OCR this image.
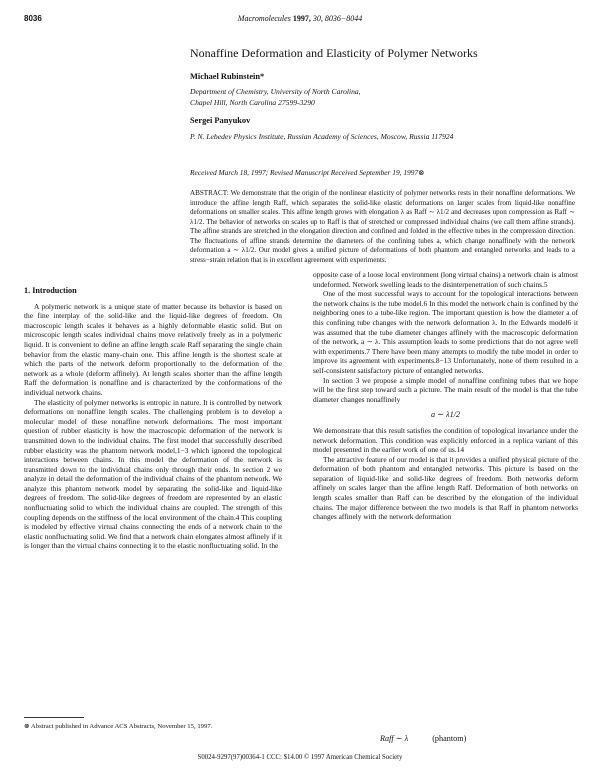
8036	Macromolecules 1997, 30, 8036−8044
Nonaffine Deformation and Elasticity of Polymer Networks
Michael Rubinstein*
Department of Chemistry, University of North Carolina,
Chapel Hill, North Carolina 27599-3290
Sergei Panyukov
P. N. Lebedev Physics Institute, Russian Academy of Sciences, Moscow, Russia 117924
Received March 18, 1997; Revised Manuscript Received September 19, 1997⊗
ABSTRACT: We demonstrate that the origin of the nonlinear elasticity of polymer networks rests in their nonaffine deformations. We introduce the affine length Raff, which separates the solid-like elastic deformations on larger scales from liquid-like nonaffine deformations on smaller scales. This affine length grows with elongation λ as Raff ∼ λ1/2 and decreases upon compression as Raff ∼ λ1/2. The behavior of networks on scales up to Raff is that of stretched or compressed individual chains (we call them affine strands). The affine strands are stretched in the elongation direction and confined and folded in the effective tubes in the compression direction. The fluctuations of affine strands determine the diameters of the confining tubes a, which change nonaffinely with the network deformation a ∼ λ1/2. Our model gives a unified picture of deformations of both phantom and entangled networks and leads to a stress−strain relation that is in excellent agreement with experiments.
1. Introduction

A polymeric network is a unique state of matter because its behavior is based on the fine interplay of the solid-like and the liquid-like degrees of freedom. On macroscopic length scales it behaves as a highly deformable elastic solid. But on microscopic length scales individual chains move relatively freely as in a polymeric liquid. It is convenient to define an affine length scale Raff separating the single chain behavior from the elastic many-chain one. This affine length is the shortest scale at which the parts of the network deform proportionally to the deformation of the network as a whole (deform affinely). At length scales shorter than the affine length Raff the deformation is nonaffine and is characterized by the conformations of the individual network chains.

The elasticity of polymer networks is entropic in nature. It is controlled by network deformations on nonaffine length scales. The challenging problem is to develop a molecular model of these nonaffine network deformations. The most important question of rubber elasticity is how the macroscopic deformation of the network is transmitted down to the individual chains. The first model that successfully described rubber elasticity was the phantom network model,1−3 which ignored the topological interactions between chains. In this model the deformation of the network is transmitted down to the individual chains only through their ends. In section 2 we analyze in detail the deformation of the individual chains of the phantom network. We analyze this phantom network model by separating the solid-like and liquid-like degrees of freedom. The solid-like degrees of freedom are represented by an elastic nonfluctuating solid to which the individual chains are coupled. The strength of this coupling depends on the stiffness of the local environment of the chain.4 This coupling is modeled by effective virtual chains connecting the ends of a network chain to the elastic nonfluctuating solid. We find that a network chain elongates almost affinely if it is longer than the virtual chains connecting it to the elastic nonfluctuating solid. In the

opposite case of a loose local environment (long virtual chains) a network chain is almost undeformed. Network swelling leads to the disinterpenetration of such chains.5

One of the most successful ways to account for the topological interactions between the network chains is the tube model.6 In this model the network chain is confined by the neighboring ones to a tube-like region. The important question is how the diameter a of this confining tube changes with the network deformation λ. In the Edwards model6 it was assumed that the tube diameter changes affinely with the macroscopic deformation of the network, a ∼ λ. This assumption leads to some predictions that do not agree well with experiments.7 There have been many attempts to modify the tube model in order to improve its agreement with experiments.8−13 Unfortunately, none of them resulted in a self-consistent satisfactory picture of entangled networks.

In section 3 we propose a simple model of nonaffine confining tubes that we hope will be the first step toward such a picture. The main result of the model is that the tube diameter changes nonaffinely

a ∼ λ1/2

We demonstrate that this result satisfies the condition of topological invariance under the network deformation. This condition was explicitly enforced in a replica variant of this model presented in the earlier work of one of us.14

The attractive feature of our model is that it provides a unified physical picture of the deformation of both phantom and entangled networks. This picture is based on the separation of liquid-like and solid-like degrees of freedom. Both networks deform affinely on scales larger than the affine length Raff. Deformation of both networks on length scales smaller than Raff can be described by the elongation of the individual chains. The major difference between the two models is that Raff in phantom networks changes affinely with the network deformation

Raff ∼ λ	(phantom)
⊗ Abstract published in Advance ACS Abstracts, November 15, 1997.
S0024-9297(97)00364-1 CCC: $14.00 © 1997 American Chemical Society
